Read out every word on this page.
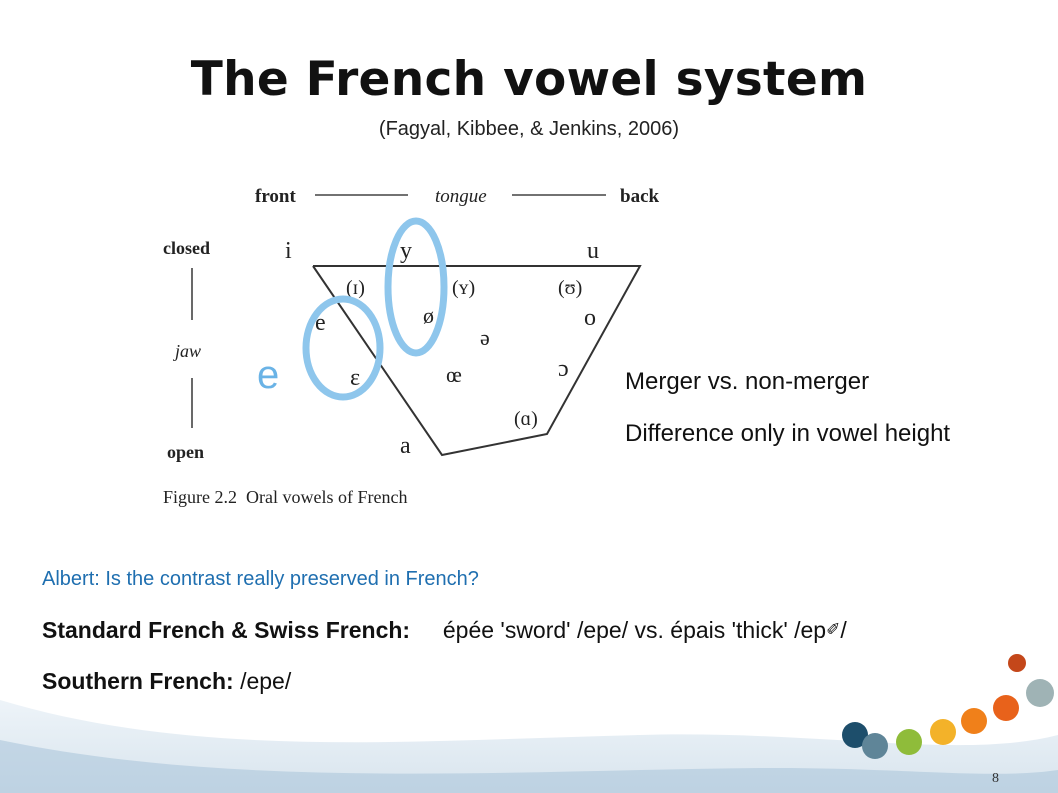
The French vowel system
(Fagyal, Kibbee, & Jenkins, 2006)
front	tongue	back
closed
jaw
open
i	y	u
(ɪ)	(ʏ)	(ʊ)
e	ø
ə
o
ɛ	œ	ɔ
(ɑ)
a
Figure 2.2  Oral vowels of French
e	Merger vs. non-merger
Difference only in vowel height
Albert: Is the contrast really preserved in French?
Standard French & Swiss French: épée 'sword' /epe/ vs. épais 'thick' /ep✐/
Southern French: /epe/
8
